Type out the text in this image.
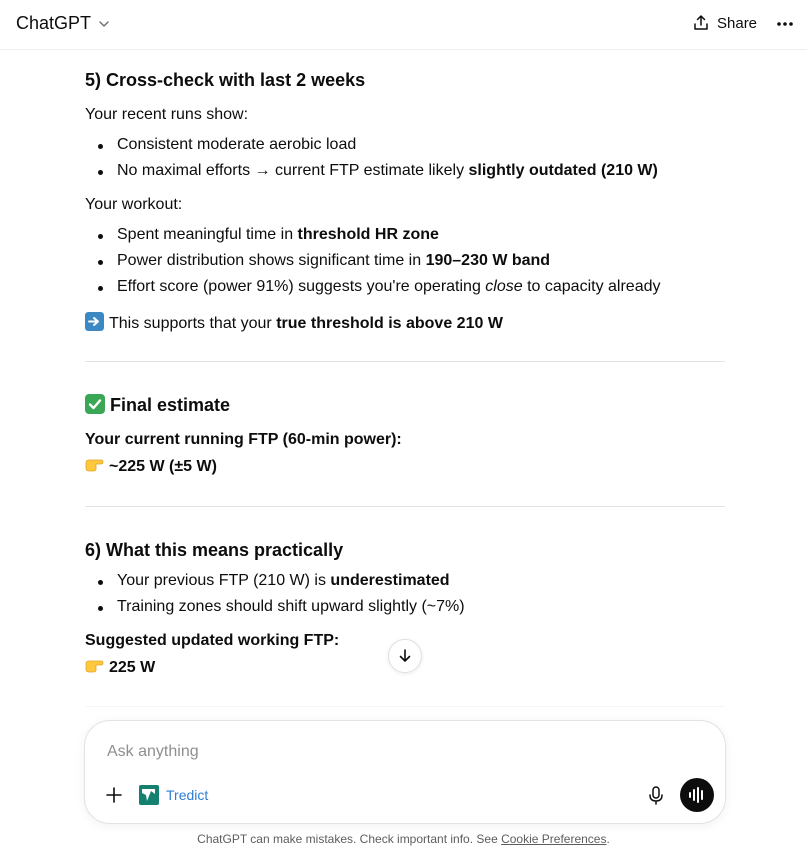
ChatGPT	Share
5) Cross-check with last 2 weeks
Your recent runs show:
Consistent moderate aerobic load
No maximal efforts → current FTP estimate likely slightly outdated (210 W)
Your workout:
Spent meaningful time in threshold HR zone
Power distribution shows significant time in 190–230 W band
Effort score (power 91%) suggests you're operating close to capacity already
This supports that your true threshold is above 210 W
Final estimate
Your current running FTP (60-min power):
~225 W (±5 W)
6) What this means practically
Your previous FTP (210 W) is underestimated
Training zones should shift upward slightly (~7%)
Suggested updated working FTP:
225 W
Ask anything
Tredict
ChatGPT can make mistakes. Check important info. See Cookie Preferences.
